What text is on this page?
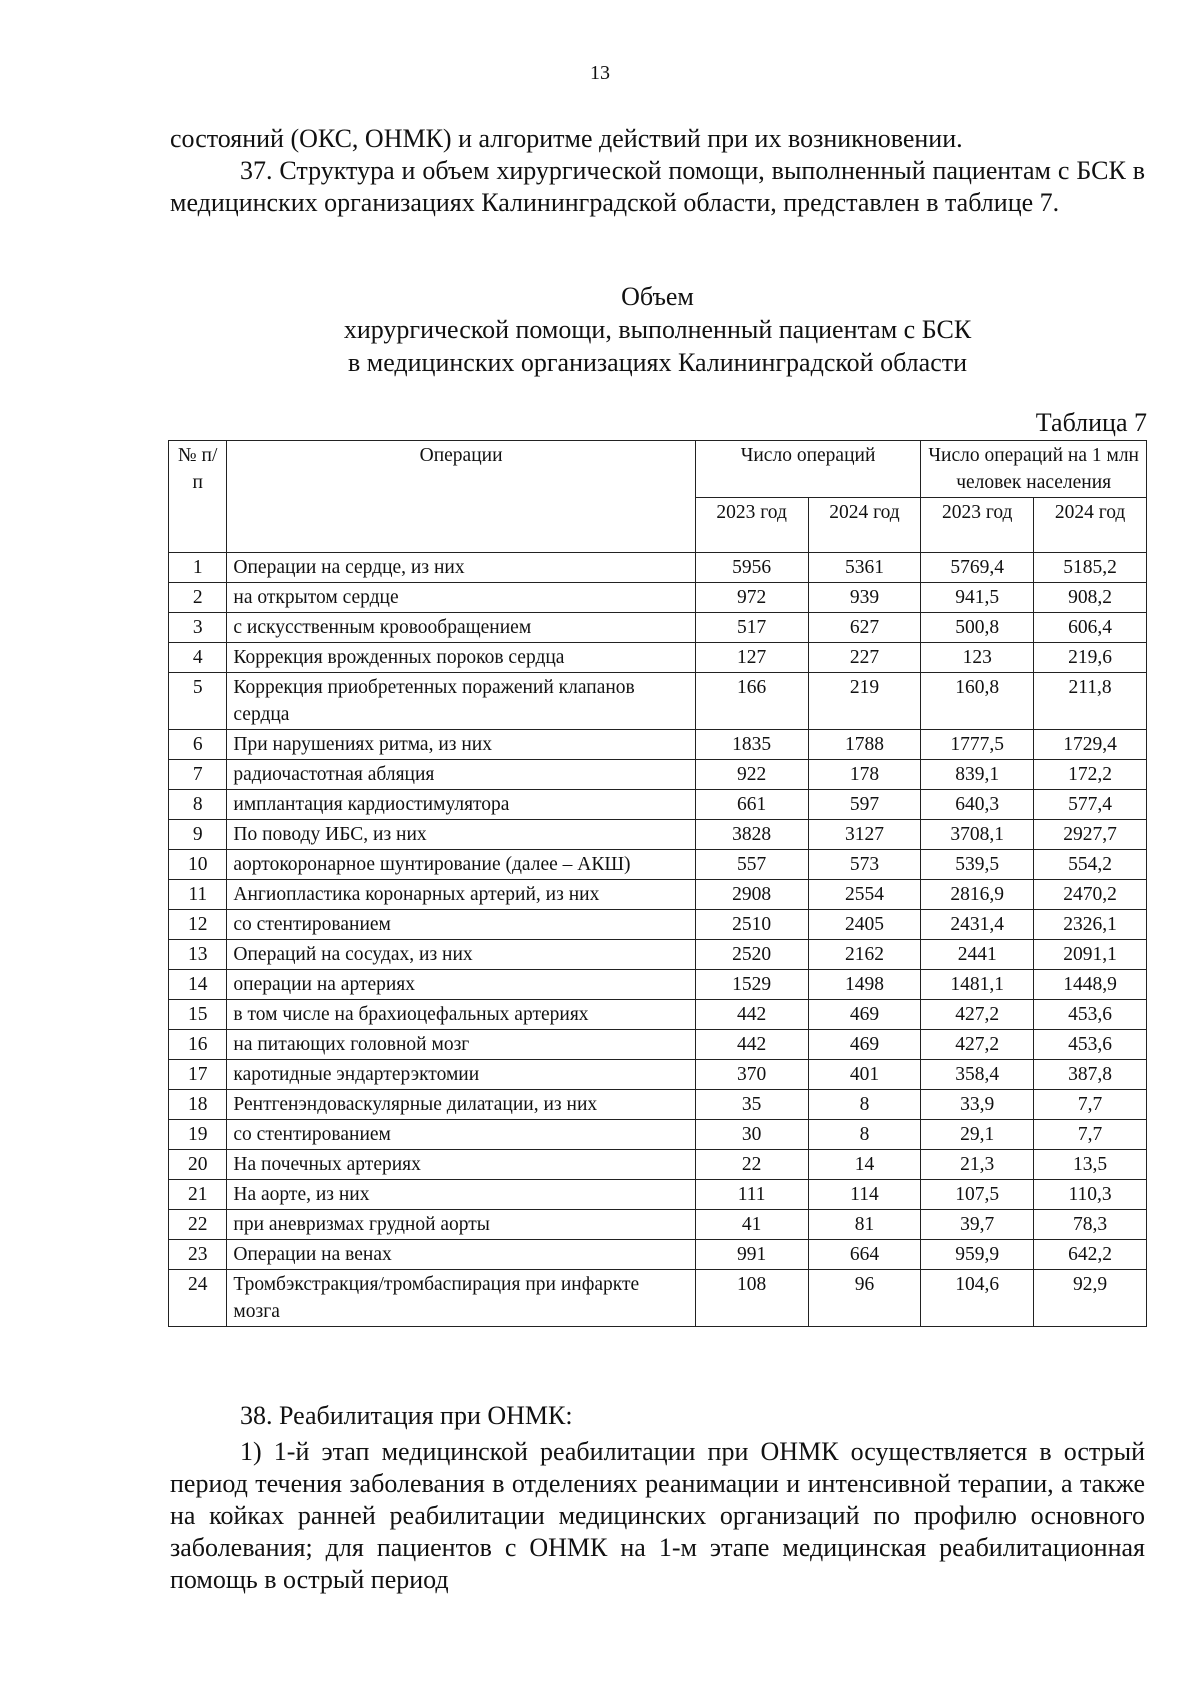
13
состояний (ОКС, ОНМК) и алгоритме действий при их возникновении.
37. Структура и объем хирургической помощи, выполненный пациентам с БСК в медицинских организациях Калининградской области, представлен в таблице 7.
Объем
хирургической помощи, выполненный пациентам с БСК
в медицинских организациях Калининградской области
Таблица 7
№ п/п	Операции	Число операций		Число операций на 1 млн человек населения	
		2023 год	2024 год	2023 год	2024 год
1	Операции на сердце, из них	5956	5361	5769,4	5185,2
2	на открытом сердце	972	939	941,5	908,2
3	с искусственным кровообращением	517	627	500,8	606,4
4	Коррекция врожденных пороков сердца	127	227	123	219,6
5	Коррекция приобретенных поражений клапанов сердца	166	219	160,8	211,8
6	При нарушениях ритма, из них	1835	1788	1777,5	1729,4
7	радиочастотная абляция	922	178	839,1	172,2
8	имплантация кардиостимулятора	661	597	640,3	577,4
9	По поводу ИБС, из них	3828	3127	3708,1	2927,7
10	аортокоронарное шунтирование (далее – АКШ)	557	573	539,5	554,2
11	Ангиопластика коронарных артерий, из них	2908	2554	2816,9	2470,2
12	со стентированием	2510	2405	2431,4	2326,1
13	Операций на сосудах, из них	2520	2162	2441	2091,1
14	операции на артериях	1529	1498	1481,1	1448,9
15	в том числе на брахиоцефальных артериях	442	469	427,2	453,6
16	на питающих головной мозг	442	469	427,2	453,6
17	каротидные эндартерэктомии	370	401	358,4	387,8
18	Рентгенэндоваскулярные дилатации, из них	35	8	33,9	7,7
19	со стентированием	30	8	29,1	7,7
20	На почечных артериях	22	14	21,3	13,5
21	На аорте, из них	111	114	107,5	110,3
22	при аневризмах грудной аорты	41	81	39,7	78,3
23	Операции на венах	991	664	959,9	642,2
24	Тромбэкстракция/тромбаспирация при инфаркте мозга	108	96	104,6	92,9
38. Реабилитация при ОНМК:
1) 1-й этап медицинской реабилитации при ОНМК осуществляется в острый период течения заболевания в отделениях реанимации и интенсивной терапии, а также на койках ранней реабилитации медицинских организаций по профилю основного заболевания; для пациентов с ОНМК на 1-м этапе медицинская реабилитационная помощь в острый период
